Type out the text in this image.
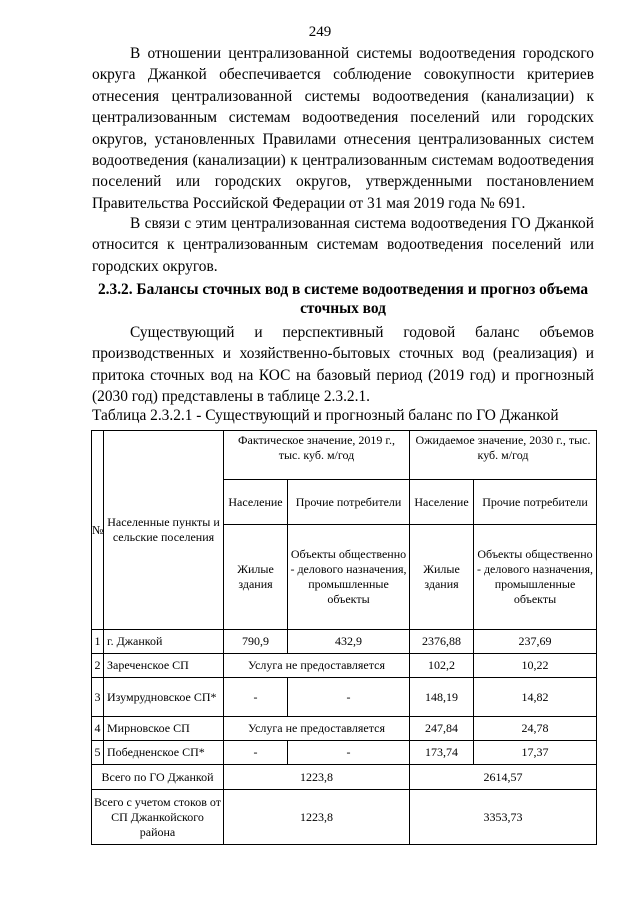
249

В отношении централизованной системы водоотведения городского округа Джанкой обеспечивается соблюдение совокупности критериев отнесения централизованной системы водоотведения (канализации) к централизованным системам водоотведения поселений или городских округов, установленных Правилами отнесения централизованных систем водоотведения (канализации) к централизованным системам водоотведения поселений или городских округов, утвержденными постановлением Правительства Российской Федерации от 31 мая 2019 года № 691.

В связи с этим централизованная система водоотведения ГО Джанкой относится к централизованным системам водоотведения поселений или городских округов.

2.3.2. Балансы сточных вод в системе водоотведения и прогноз объема сточных вод

Существующий и перспективный годовой баланс объемов производственных и хозяйственно-бытовых сточных вод (реализация) и притока сточных вод на КОС на базовый период (2019 год) и прогнозный (2030 год) представлены в таблице 2.3.2.1.

Таблица 2.3.2.1 - Существующий и прогнозный баланс по ГО Джанкой

№	Населенные пункты и сельские поселения	Фактическое значение, 2019 г., тыс. куб. м/год		Ожидаемое значение, 2030 г., тыс. куб. м/год	
		Население	Прочие потребители	Население	Прочие потребители
		Жилые здания	Объекты общественно - делового назначения, промышленные объекты	Жилые здания	Объекты общественно - делового назначения, промышленные объекты
1	г. Джанкой	790,9	432,9	2376,88	237,69
2	Зареченское СП	Услуга не предоставляется		102,2	10,22
3	Изумрудновское СП*	-	-	148,19	14,82
4	Мирновское СП	Услуга не предоставляется		247,84	24,78
5	Победненское СП*	-	-	173,74	17,37
Всего по ГО Джанкой		1223,8		2614,57	
Всего с учетом стоков от СП Джанкойского района		1223,8		3353,73	
